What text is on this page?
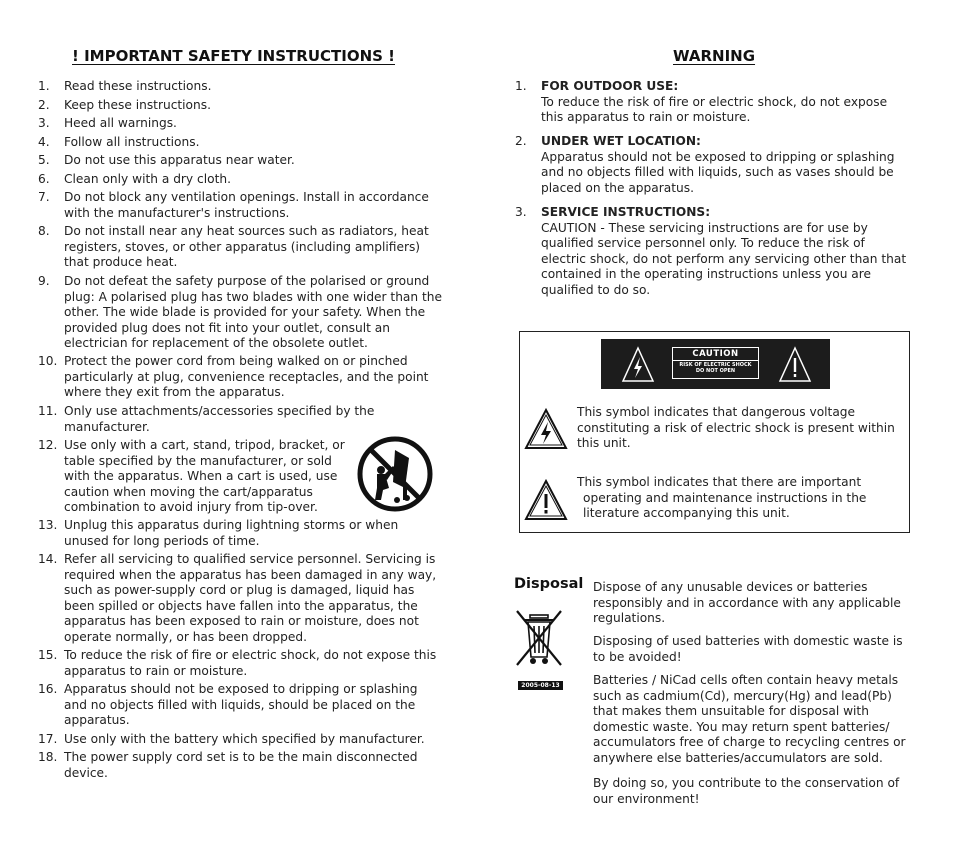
! IMPORTANT SAFETY INSTRUCTIONS !
1. Read these instructions.
2. Keep these instructions.
3. Heed all warnings.
4. Follow all instructions.
5. Do not use this apparatus near water.
6. Clean only with a dry cloth.
7. Do not block any ventilation openings. Install in accordance with the manufacturer's instructions.
8. Do not install near any heat sources such as radiators, heat registers, stoves, or other apparatus (including amplifiers) that produce heat.
9. Do not defeat the safety purpose of the polarised or ground plug: A polarised plug has two blades with one wider than the other. The wide blade is provided for your safety. When the provided plug does not fit into your outlet, consult an electrician for replacement of the obsolete outlet.
10. Protect the power cord from being walked on or pinched particularly at plug, convenience receptacles, and the point where they exit from the apparatus.
11. Only use attachments/accessories specified by the manufacturer.
12. Use only with a cart, stand, tripod, bracket, or table specified by the manufacturer, or sold with the apparatus. When a cart is used, use caution when moving the cart/apparatus combination to avoid injury from tip-over.
13. Unplug this apparatus during lightning storms or when unused for long periods of time.
14. Refer all servicing to qualified service personnel. Servicing is required when the apparatus has been damaged in any way, such as power-supply cord or plug is damaged, liquid has been spilled or objects have fallen into the apparatus, the apparatus has been exposed to rain or moisture, does not operate normally, or has been dropped.
15. To reduce the risk of fire or electric shock, do not expose this apparatus to rain or moisture.
16. Apparatus should not be exposed to dripping or splashing and no objects filled with liquids, should be placed on the apparatus.
17. Use only with the battery which specified by manufacturer.
18. The power supply cord set is to be the main disconnected device.
WARNING
1. FOR OUTDOOR USE:
To reduce the risk of fire or electric shock, do not expose this apparatus to rain or moisture.
2. UNDER WET LOCATION:
Apparatus should not be exposed to dripping or splashing and no objects filled with liquids, such as vases should be placed on the apparatus.
3. SERVICE INSTRUCTIONS:
CAUTION - These servicing instructions are for use by qualified service personnel only. To reduce the risk of electric shock, do not perform any servicing other than that contained in the operating instructions unless you are qualified to do so.
CAUTION
RISK OF ELECTRIC SHOCK
DO NOT OPEN
This symbol indicates that dangerous voltage constituting a risk of electric shock is present within this unit.
This symbol indicates that there are important operating and maintenance instructions in the literature accompanying this unit.
Disposal
2005-08-13

Dispose of any unusable devices or batteries responsibly and in accordance with any applicable regulations.

Disposing of used batteries with domestic waste is to be avoided!

Batteries / NiCad cells often contain heavy metals such as cadmium(Cd), mercury(Hg) and lead(Pb) that makes them unsuitable for disposal with domestic waste. You may return spent batteries/ accumulators free of charge to recycling centres or anywhere else batteries/accumulators are sold.

By doing so, you contribute to the conservation of our environment!
